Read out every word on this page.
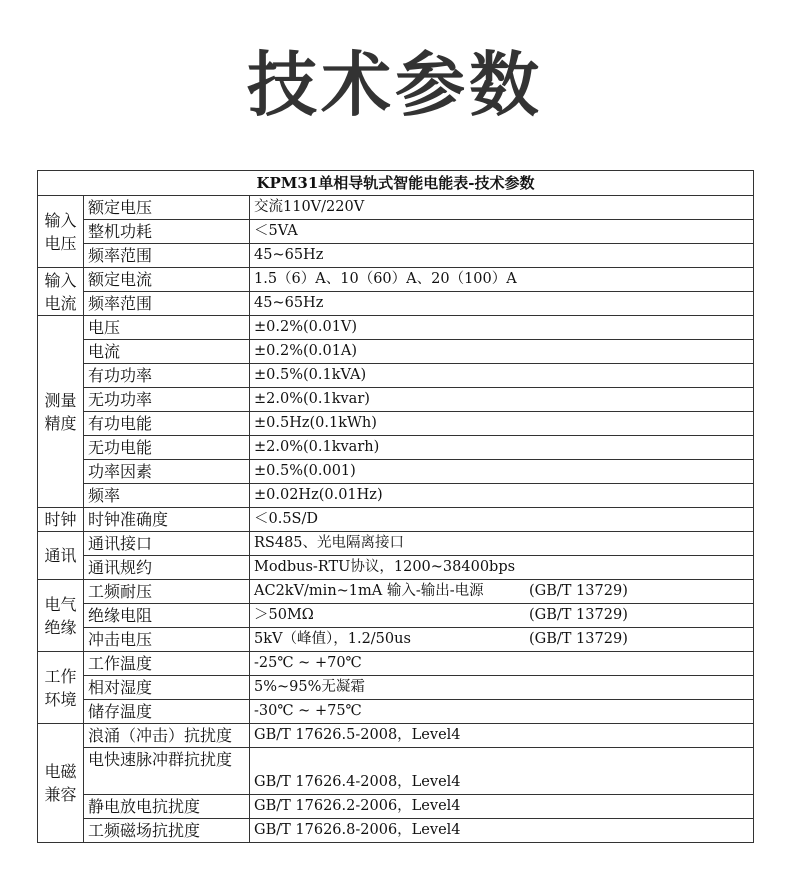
技术参数
KPM31单相导轨式智能电能表-技术参数		
输入电压	额定电压	交流110V/220V

	整机功耗	＜5VA

	频率范围	45~65Hz

输入电流	额定电流	1.5（6）A、10（60）A、20（100）A

	频率范围	45~65Hz

测量精度	电压	±0.2%(0.01V)

	电流	±0.2%(0.01A)

	有功功率	±0.5%(0.1kVA)

	无功功率	±2.0%(0.1kvar)

	有功电能	±0.5Hz(0.1kWh)

	无功电能	±2.0%(0.1kvarh)

	功率因素	±0.5%(0.001)

	频率	±0.02Hz(0.01Hz)

时钟	时钟准确度	＜0.5S/D

通讯	通讯接口	RS485、光电隔离接口

	通讯规约	Modbus-RTU协议，1200~38400bps

电气绝缘	工频耐压	AC2kV/min~1mA 输入-输出-电源 (GB/T 13729)

	绝缘电阻	＞50MΩ (GB/T 13729)

	冲击电压	5kV（峰值），1.2/50us (GB/T 13729)

工作环境	工作温度	-25℃ ~ +70℃

	相对湿度	5%~95%无凝霜

	储存温度	-30℃ ~ +75℃

电磁兼容	浪涌（冲击）抗扰度	GB/T 17626.5-2008，Level4

	电快速脉冲群抗扰度	GB/T 17626.4-2008，Level4

	静电放电抗扰度	GB/T 17626.2-2006，Level4

	工频磁场抗扰度	GB/T 17626.8-2006，Level4
